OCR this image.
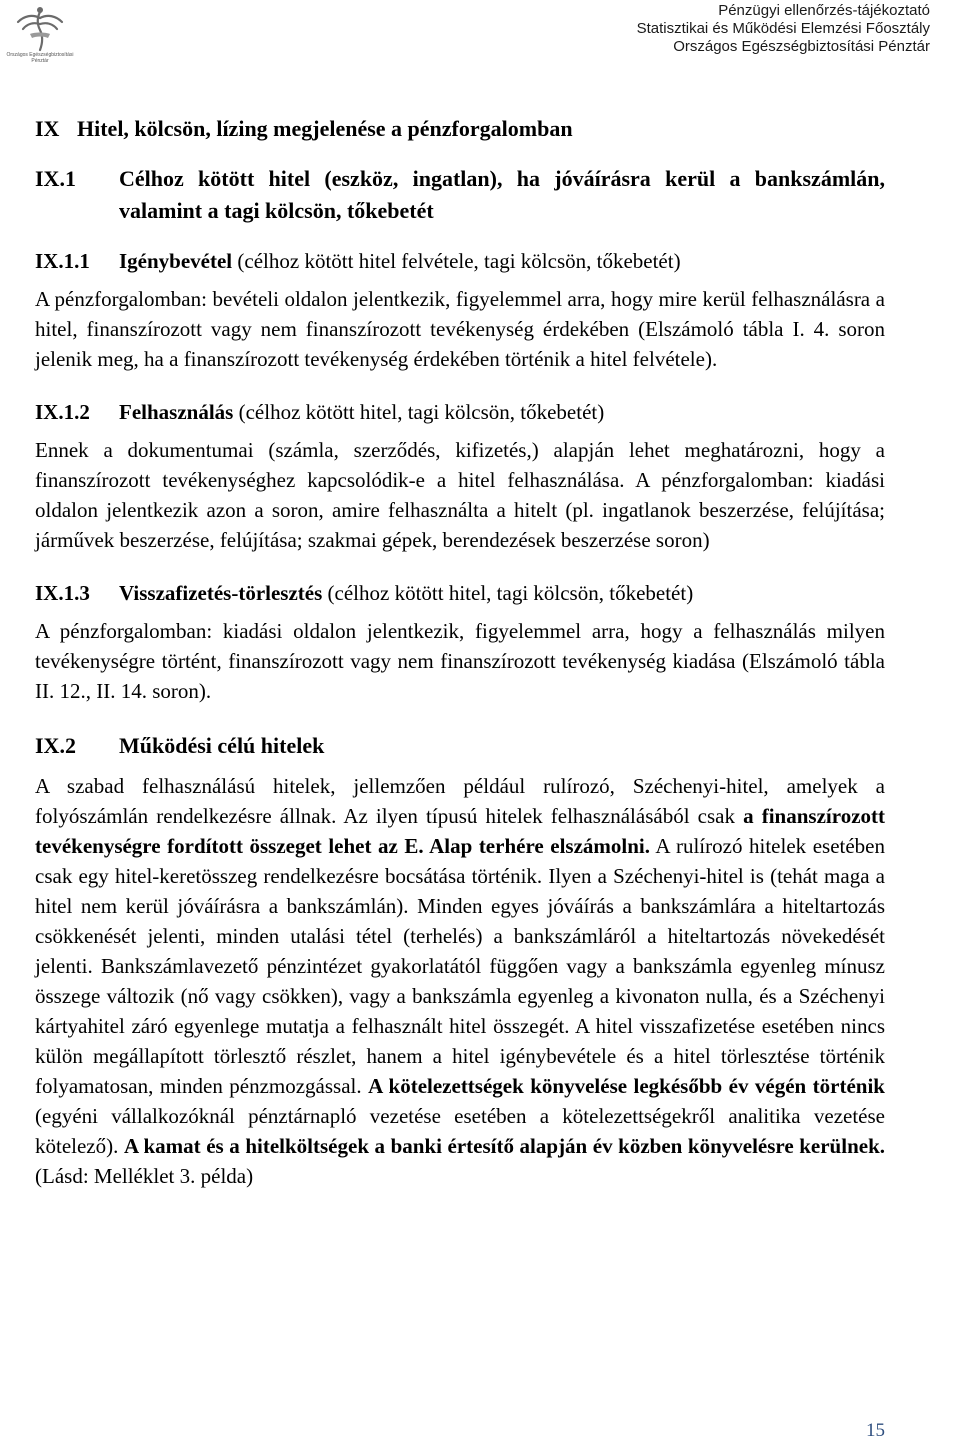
Országos Egészségbiztosítási Pénztár
Pénzügyi ellenőrzés-tájékoztató
Statisztikai és Működési Elemzési Főosztály
Országos Egészségbiztosítási Pénztár
IX Hitel, kölcsön, lízing megjelenése a pénzforgalomban
IX.1	Célhoz kötött hitel (eszköz, ingatlan), ha jóváírásra kerül a bankszámlán, valamint a tagi kölcsön, tőkebetét
IX.1.1	Igénybevétel (célhoz kötött hitel felvétele, tagi kölcsön, tőkebetét)

A pénzforgalomban: bevételi oldalon jelentkezik, figyelemmel arra, hogy mire kerül felhasználásra a hitel, finanszírozott vagy nem finanszírozott tevékenység érdekében (Elszámoló tábla I. 4. soron jelenik meg, ha a finanszírozott tevékenység érdekében történik a hitel felvétele).

IX.1.2	Felhasználás (célhoz kötött hitel, tagi kölcsön, tőkebetét)

Ennek a dokumentumai (számla, szerződés, kifizetés,) alapján lehet meghatározni, hogy a finanszírozott tevékenységhez kapcsolódik-e a hitel felhasználása. A pénzforgalomban: kiadási oldalon jelentkezik azon a soron, amire felhasználta a hitelt (pl. ingatlanok beszerzése, felújítása; járművek beszerzése, felújítása; szakmai gépek, berendezések beszerzése soron)

IX.1.3	Visszafizetés-törlesztés (célhoz kötött hitel, tagi kölcsön, tőkebetét)

A pénzforgalomban: kiadási oldalon jelentkezik, figyelemmel arra, hogy a felhasználás milyen tevékenységre történt, finanszírozott vagy nem finanszírozott tevékenység kiadása (Elszámoló tábla II. 12., II. 14. soron).

IX.2	Működési célú hitelek

A szabad felhasználású hitelek, jellemzően például rulírozó, Széchenyi-hitel, amelyek a folyószámlán rendelkezésre állnak. Az ilyen típusú hitelek felhasználásából csak a finanszírozott tevékenységre fordított összeget lehet az E. Alap terhére elszámolni. A rulírozó hitelek esetében csak egy hitel-keretösszeg rendelkezésre bocsátása történik. Ilyen a Széchenyi-hitel is (tehát maga a hitel nem kerül jóváírásra a bankszámlán). Minden egyes jóváírás a bankszámlára a hiteltartozás csökkenését jelenti, minden utalási tétel (terhelés) a bankszámláról a hiteltartozás növekedését jelenti. Bankszámlavezető pénzintézet gyakorlatától függően vagy a bankszámla egyenleg mínusz összege változik (nő vagy csökken), vagy a bankszámla egyenleg a kivonaton nulla, és a Széchenyi kártyahitel záró egyenlege mutatja a felhasznált hitel összegét. A hitel visszafizetése esetében nincs külön megállapított törlesztő részlet, hanem a hitel igénybevétele és a hitel törlesztése történik folyamatosan, minden pénzmozgással. A kötelezettségek könyvelése legkésőbb év végén történik (egyéni vállalkozóknál pénztárnapló vezetése esetében a kötelezettségekről analitika vezetése kötelező). A kamat és a hitelköltségek a banki értesítő alapján év közben könyvelésre kerülnek. (Lásd: Melléklet 3. példa)

15
